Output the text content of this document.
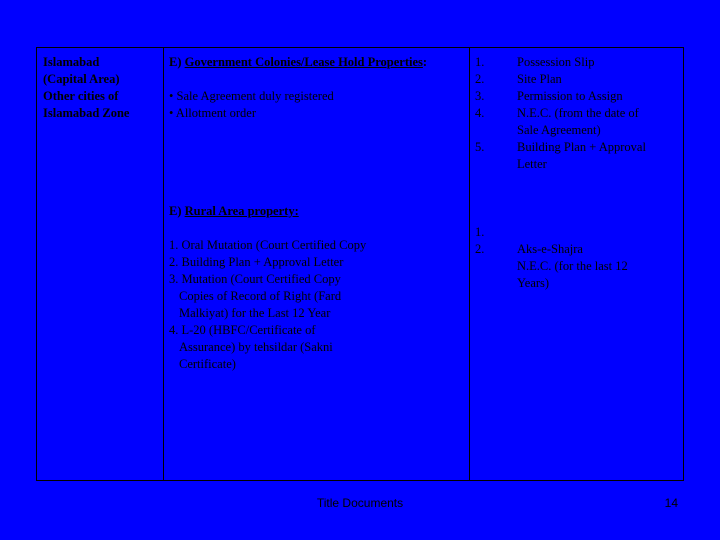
Islamabad
(Capital Area)
Other cities of
Islamabad Zone
E) Government Colonies/Lease Hold Properties:
• Sale Agreement duly registered
• Allotment order
E) Rural Area property:
1. Oral Mutation (Court Certified Copy
2. Building Plan + Approval Letter
3. Mutation (Court Certified Copy
Copies of Record of Right (Fard
Malkiyat) for the Last 12 Year
4. L-20 (HBFC/Certificate of
Assurance) by tehsildar (Sakni
Certificate)
1.
2.
3.
4.
5.
1.
2.
Possession Slip
Site Plan
Permission to Assign
N.E.C. (from the date of
Sale Agreement)
Building Plan + Approval
Letter
Aks-e-Shajra
N.E.C. (for the last 12
Years)
Title Documents	14
